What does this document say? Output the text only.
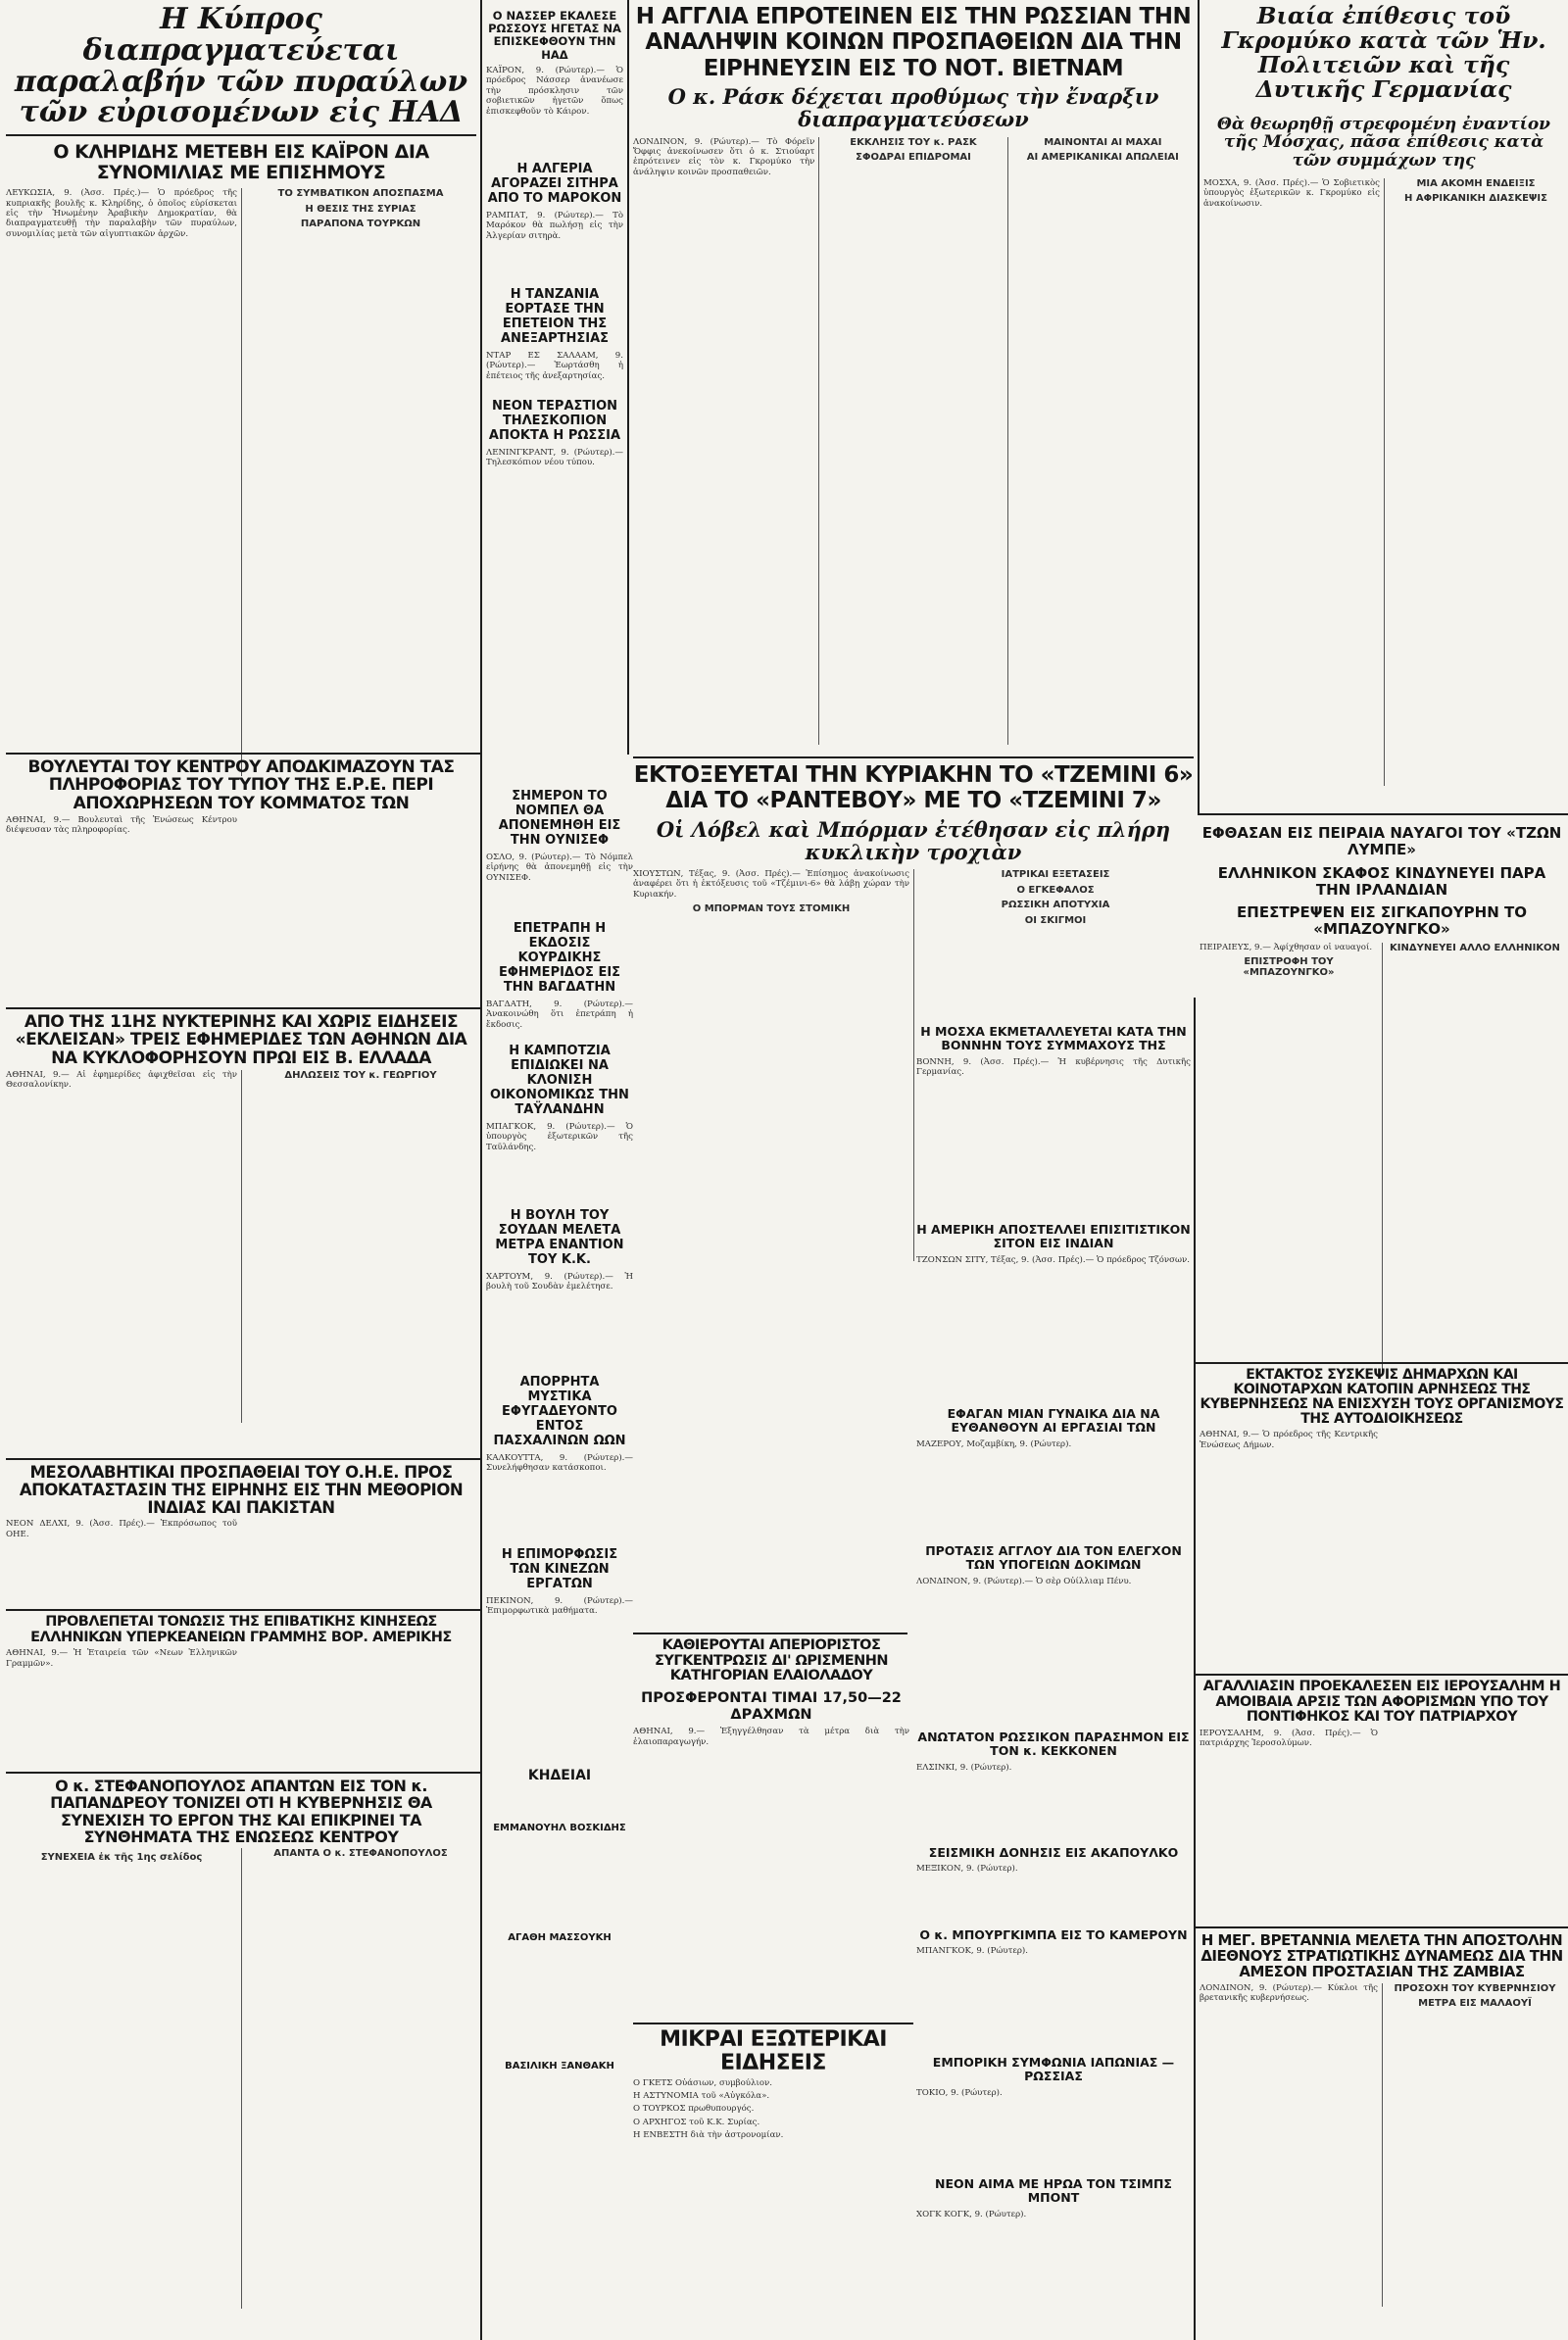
Η Κύπρος διαπραγματεύεται παραλαβήν τῶν πυραύλων τῶν εὐρισομένων εἰς ΗΑΔ
Ο ΚΛΗΡΙΔΗΣ ΜΕΤΕΒΗ ΕΙΣ ΚΑΪΡΟΝ ΔΙΑ ΣΥΝΟΜΙΛΙΑΣ ΜΕ ΕΠΙΣΗΜΟΥΣ

ΛΕΥΚΩΣΙΑ, 9. (Ἀσσ. Πρές.)— Ὁ πρόεδρος τῆς κυπριακῆς βουλῆς κ. Κληρίδης, ὁ ὁποῖος εὑρίσκεται εἰς τὴν Ἡνωμένην Ἀραβικὴν Δημοκρατίαν, θὰ διαπραγματευθῇ τὴν παραλαβὴν τῶν πυραύλων, συνομιλίας μετὰ τῶν αἰγυπτιακῶν ἀρχῶν.

ΤΟ ΣΥΜΒΑΤΙΚΟΝ ΑΠΟΣΠΑΣΜΑ
Η ΘΕΣΙΣ ΤΗΣ ΣΥΡΙΑΣ
ΠΑΡΑΠΟΝΑ ΤΟΥΡΚΩΝ
ΒΟΥΛΕΥΤΑΙ ΤΟΥ ΚΕΝΤΡΟΥ ΑΠΟΔΚΙΜΑΖΟΥΝ ΤΑΣ ΠΛΗΡΟΦΟΡΙΑΣ ΤΟΥ ΤΥΠΟΥ ΤΗΣ Ε.Ρ.Ε. ΠΕΡΙ ΑΠΟΧΩΡΗΣΕΩΝ ΤΟΥ ΚΟΜΜΑΤΟΣ ΤΩΝ

ΑΘΗΝΑΙ, 9.— Βουλευταὶ τῆς Ἑνώσεως Κέντρου διέψευσαν τὰς πληροφορίας.

ΑΠΟ ΤΗΣ 11ΗΣ ΝΥΚΤΕΡΙΝΗΣ ΚΑΙ ΧΩΡΙΣ ΕΙΔΗΣΕΙΣ «ΕΚΛΕΙΣΑΝ» ΤΡΕΙΣ ΕΦΗΜΕΡΙΔΕΣ ΤΩΝ ΑΘΗΝΩΝ ΔΙΑ ΝΑ ΚΥΚΛΟΦΟΡΗΣΟΥΝ ΠΡΩΙ ΕΙΣ Β. ΕΛΛΑΔΑ

ΑΘΗΝΑΙ, 9.— Αἱ ἐφημερίδες ἀφιχθεῖσαι εἰς τὴν Θεσσαλονίκην.

ΔΗΛΩΣΕΙΣ ΤΟΥ κ. ΓΕΩΡΓΙΟΥ
ΜΕΣΟΛΑΒΗΤΙΚΑΙ ΠΡΟΣΠΑΘΕΙΑΙ ΤΟΥ Ο.Η.Ε. ΠΡΟΣ ΑΠΟΚΑΤΑΣΤΑΣΙΝ ΤΗΣ ΕΙΡΗΝΗΣ ΕΙΣ ΤΗΝ ΜΕΘΟΡΙΟΝ ΙΝΔΙΑΣ ΚΑΙ ΠΑΚΙΣΤΑΝ

ΝΕΟΝ ΔΕΛΧΙ, 9. (Ἀσσ. Πρές).— Ἐκπρόσωπος τοῦ ΟΗΕ.

ΠΡΟΒΛΕΠΕΤΑΙ ΤΟΝΩΣΙΣ ΤΗΣ ΕΠΙΒΑΤΙΚΗΣ ΚΙΝΗΣΕΩΣ ΕΛΛΗΝΙΚΩΝ ΥΠΕΡΚΕΑΝΕΙΩΝ ΓΡΑΜΜΗΣ ΒΟΡ. ΑΜΕΡΙΚΗΣ

ΑΘΗΝΑΙ, 9.— Ἡ Ἑταιρεία τῶν «Νεων Ἑλληνικῶν Γραμμῶν».

Ο κ. ΣΤΕΦΑΝΟΠΟΥΛΟΣ ΑΠΑΝΤΩΝ ΕΙΣ ΤΟΝ κ. ΠΑΠΑΝΔΡΕΟΥ ΤΟΝΙΖΕΙ ΟΤΙ Η ΚΥΒΕΡΝΗΣΙΣ ΘΑ ΣΥΝΕΧΙΣΗ ΤΟ ΕΡΓΟΝ ΤΗΣ ΚΑΙ ΕΠΙΚΡΙΝΕΙ ΤΑ ΣΥΝΘΗΜΑΤΑ ΤΗΣ ΕΝΩΣΕΩΣ ΚΕΝΤΡΟΥ
ΣΥΝΕΧΕΙΑ ἐκ τῆς 1ης σελίδος	ΑΠΑΝΤΑ Ο κ. ΣΤΕΦΑΝΟΠΟΥΛΟΣ
Ο ΝΑΣΣΕΡ ΕΚΑΛΕΣΕ ΡΩΣΣΟΥΣ ΗΓΕΤΑΣ ΝΑ ΕΠΙΣΚΕΦΘΟΥΝ ΤΗΝ ΗΑΔ

ΚΑΪΡΟΝ, 9. (Ρώυτερ).— Ὁ πρόεδρος Νάσσερ ἀνανέωσε τὴν πρόσκλησιν τῶν σοβιετικῶν ἡγετῶν ὅπως ἐπισκεφθοῦν τὸ Κάιρον.

Η ΑΛΓΕΡΙΑ ΑΓΟΡΑΖΕΙ ΣΙΤΗΡΑ ΑΠΟ ΤΟ ΜΑΡΟΚΟΝ

ΡΑΜΠΑΤ, 9. (Ρώυτερ).— Τὸ Μαρόκον θὰ πωλήσῃ εἰς τὴν Ἀλγερίαν σιτηρὰ.

Η ΤΑΝΖΑΝΙΑ ΕΟΡΤΑΣΕ ΤΗΝ ΕΠΕΤΕΙΟΝ ΤΗΣ ΑΝΕΞΑΡΤΗΣΙΑΣ

ΝΤΑΡ ΕΣ ΣΑΛΑΑΜ, 9. (Ρώυτερ).— Ἑωρτάσθη ἡ ἐπέτειος τῆς ἀνεξαρτησίας.

ΝΕΟΝ ΤΕΡΑΣΤΙΟΝ ΤΗΛΕΣΚΟΠΙΟΝ ΑΠΟΚΤΑ Η ΡΩΣΣΙΑ

ΛΕΝΙΝΓΚΡΑΝΤ, 9. (Ρώυτερ).— Τηλεσκόπιον νέου τύπου.

ΣΗΜΕΡΟΝ ΤΟ ΝΟΜΠΕΛ ΘΑ ΑΠΟΝΕΜΗΘΗ ΕΙΣ ΤΗΝ ΟΥΝΙΣΕΦ

ΟΣΛΟ, 9. (Ρώυτερ).— Τὸ Νόμπελ εἰρήνης θὰ ἀπονεμηθῇ εἰς τὴν ΟΥΝΙΣΕΦ.

ΕΠΕΤΡΑΠΗ Η ΕΚΔΟΣΙΣ ΚΟΥΡΔΙΚΗΣ ΕΦΗΜΕΡΙΔΟΣ ΕΙΣ ΤΗΝ ΒΑΓΔΑΤΗΝ

ΒΑΓΔΑΤΗ, 9. (Ρώυτερ).— Ἀνακοινώθη ὅτι ἐπετράπη ἡ ἔκδοσις.

Η ΚΑΜΠΟΤΖΙΑ ΕΠΙΔΙΩΚΕΙ ΝΑ ΚΛΟΝΙΣΗ ΟΙΚΟΝΟΜΙΚΩΣ ΤΗΝ ΤΑΫΛΑΝΔΗΝ

ΜΠΑΓΚΟΚ, 9. (Ρώυτερ).— Ὁ ὑπουργὸς ἐξωτερικῶν τῆς Ταϋλάνδης.

Η ΒΟΥΛΗ ΤΟΥ ΣΟΥΔΑΝ ΜΕΛΕΤΑ ΜΕΤΡΑ ΕΝΑΝΤΙΟΝ ΤΟΥ Κ.Κ.

ΧΑΡΤΟΥΜ, 9. (Ρώυτερ).— Ἡ βουλὴ τοῦ Σουδὰν ἐμελέτησε.

ΑΠΟΡΡΗΤΑ ΜΥΣΤΙΚΑ ΕΦΥΓΑΔΕΥΟΝΤΟ ΕΝΤΟΣ ΠΑΣΧΑΛΙΝΩΝ ΩΩΝ

ΚΑΛΚΟΥΤΤΑ, 9. (Ρώυτερ).— Συνελήφθησαν κατάσκοποι.

Η ΕΠΙΜΟΡΦΩΣΙΣ ΤΩΝ ΚΙΝΕΖΩΝ ΕΡΓΑΤΩΝ

ΠΕΚΙΝΟΝ, 9. (Ρώυτερ).— Ἐπιμορφωτικὰ μαθήματα.

ΚΗΔΕΙΑΙ
ΕΜΜΑΝΟΥΗΛ ΒΟΣΚΙΔΗΣ
ΑΓΑΘΗ ΜΑΣΣΟΥΚΗ
ΒΑΣΙΛΙΚΗ ΞΑΝΘΑΚΗ
Η ΑΓΓΛΙΑ ΕΠΡΟΤΕΙΝΕΝ ΕΙΣ ΤΗΝ ΡΩΣΣΙΑΝ ΤΗΝ ΑΝΑΛΗΨΙΝ ΚΟΙΝΩΝ ΠΡΟΣΠΑΘΕΙΩΝ ΔΙΑ ΤΗΝ ΕΙΡΗΝΕΥΣΙΝ ΕΙΣ ΤΟ ΝΟΤ. ΒΙΕΤΝΑΜ
Ο κ. Ράσκ δέχεται προθύμως τὴν ἔναρξιν διαπραγματεύσεων

ΛΟΝΔΙΝΟΝ, 9. (Ρώυτερ).— Τὸ Φόρεϊν Ὄφφις ἀνεκοίνωσεν ὅτι ὁ κ. Στιούαρτ ἐπρότεινεν εἰς τὸν κ. Γκρομύκο τὴν ἀνάληψιν κοινῶν προσπαθειῶν.

ΕΚΚΛΗΣΙΣ ΤΟΥ κ. ΡΑΣΚ
ΣΦΟΔΡΑΙ ΕΠΙΔΡΟΜΑΙ
ΜΑΙΝΟΝΤΑΙ ΑΙ ΜΑΧΑΙ
ΑΙ ΑΜΕΡΙΚΑΝΙΚΑΙ ΑΠΩΛΕΙΑΙ
ΕΚΤΟΞΕΥΕΤΑΙ ΤΗΝ ΚΥΡΙΑΚΗΝ ΤΟ «ΤΖΕΜΙΝΙ 6» ΔΙΑ ΤΟ «ΡΑΝΤΕΒΟΥ» ΜΕ ΤΟ «ΤΖΕΜΙΝΙ 7»
Οἱ Λόβελ καὶ Μπόρμαν ἐτέθησαν εἰς πλήρη κυκλικὴν τροχιὰν

ΧΙΟΥΣΤΩΝ, Τέξας, 9. (Ἀσσ. Πρές).— Ἐπίσημος ἀνακοίνωσις ἀναφέρει ὅτι ἡ ἐκτόξευσις τοῦ «Τζέμινι-6» θὰ λάβῃ χώραν τὴν Κυριακήν.

Ο ΜΠΟΡΜΑΝ ΤΟΥΣ ΣΤΟΜΙΚΗ
ΙΑΤΡΙΚΑΙ ΕΞΕΤΑΣΕΙΣ
Ο ΕΓΚΕΦΑΛΟΣ
ΡΩΣΣΙΚΗ ΑΠΟΤΥΧΙΑ
ΟΙ ΣΚΙΓΜΟΙ
Η ΜΟΣΧΑ ΕΚΜΕΤΑΛΛΕΥΕΤΑΙ ΚΑΤΑ ΤΗΝ ΒΟΝΝΗΝ ΤΟΥΣ ΣΥΜΜΑΧΟΥΣ ΤΗΣ

ΒΟΝΝΗ, 9. (Ἀσσ. Πρές).— Ἡ κυβέρνησις τῆς Δυτικῆς Γερμανίας.

Η ΑΜΕΡΙΚΗ ΑΠΟΣΤΕΛΛΕΙ ΕΠΙΣΙΤΙΣΤΙΚΟΝ ΣΙΤΟΝ ΕΙΣ ΙΝΔΙΑΝ

ΤΖΟΝΣΩΝ ΣΙΤΥ, Τέξας, 9. (Ἀσσ. Πρές).— Ὁ πρόεδρος Τζόνσων.

ΕΦΑΓΑΝ ΜΙΑΝ ΓΥΝΑΙΚΑ ΔΙΑ ΝΑ ΕΥΘΑΝΘΟΥΝ ΑΙ ΕΡΓΑΣΙΑΙ ΤΩΝ

ΜΑΖΕΡΟΥ, Μοζαμβίκη, 9. (Ρώυτερ).

ΠΡΟΤΑΣΙΣ ΑΓΓΛΟΥ ΔΙΑ ΤΟΝ ΕΛΕΓΧΟΝ ΤΩΝ ΥΠΟΓΕΙΩΝ ΔΟΚΙΜΩΝ

ΛΟΝΔΙΝΟΝ, 9. (Ρώυτερ).— Ὁ σὲρ Οὐίλλιαμ Πένυ.

ΑΝΩΤΑΤΟΝ ΡΩΣΣΙΚΟΝ ΠΑΡΑΣΗΜΟΝ ΕΙΣ ΤΟΝ κ. ΚΕΚΚΟΝΕΝ

ΕΛΣΙΝΚΙ, 9. (Ρώυτερ).

ΣΕΙΣΜΙΚΗ ΔΟΝΗΣΙΣ ΕΙΣ ΑΚΑΠΟΥΛΚΟ

ΜΕΞΙΚΟΝ, 9. (Ρώυτερ).

Ο κ. ΜΠΟΥΡΓΚΙΜΠΑ ΕΙΣ ΤΟ ΚΑΜΕΡΟΥΝ

ΜΠΑΝΓΚΟΚ, 9. (Ρώυτερ).

ΕΜΠΟΡΙΚΗ ΣΥΜΦΩΝΙΑ ΙΑΠΩΝΙΑΣ — ΡΩΣΣΙΑΣ

ΤΟΚΙΟ, 9. (Ρώυτερ).

ΝΕΟΝ ΑΙΜΑ ΜΕ ΗΡΩΑ ΤΟΝ ΤΣΙΜΠΣ ΜΠΟΝΤ

ΧΟΓΚ ΚΟΓΚ, 9. (Ρώυτερ).

ΚΑΘΙΕΡΟΥΤΑΙ ΑΠΕΡΙΟΡΙΣΤΟΣ ΣΥΓΚΕΝΤΡΩΣΙΣ ΔΙ' ΩΡΙΣΜΕΝΗΝ ΚΑΤΗΓΟΡΙΑΝ ΕΛΑΙΟΛΑΔΟΥ
ΠΡΟΣΦΕΡΟΝΤΑΙ ΤΙΜΑΙ 17,50—22 ΔΡΑΧΜΩΝ

ΑΘΗΝΑΙ, 9.— Ἐξηγγέλθησαν τὰ μέτρα διὰ τὴν ἐλαιοπαραγωγήν.

ΜΙΚΡΑΙ ΕΞΩΤΕΡΙΚΑΙ ΕΙΔΗΣΕΙΣ

Ο ΓΚΕΤΣ Οὐάσιων, συμβούλιον.

Η ΑΣΤΥΝΟΜΙΑ τοῦ «Αὐγκόλα».

Ο ΤΟΥΡΚΟΣ πρωθυπουργός.

Ο ΑΡΧΗΓΟΣ τοῦ Κ.Κ. Συρίας.

Η ΕΝΒΕΣΤΗ διὰ τὴν ἀστρονομίαν.

Βιαία ἐπίθεσις τοῦ Γκρομύκο κατὰ τῶν Ἡν. Πολιτειῶν καὶ τῆς Δυτικῆς Γερμανίας
Θὰ θεωρηθῇ στρεφομένη ἐναντίον τῆς Μόσχας, πᾶσα ἐπίθεσις κατὰ τῶν συμμάχων της

ΜΟΣΧΑ, 9. (Ἀσσ. Πρές).— Ὁ Σοβιετικὸς ὑπουργὸς ἐξωτερικῶν κ. Γκρομύκο εἰς ἀνακοίνωσιν.

ΜΙΑ ΑΚΟΜΗ ΕΝΔΕΙΞΙΣ
Η ΑΦΡΙΚΑΝΙΚΗ ΔΙΑΣΚΕΨΙΣ
ΕΦΘΑΣΑΝ ΕΙΣ ΠΕΙΡΑΙΑ ΝΑΥΑΓΟΙ ΤΟΥ «ΤΖΩΝ ΛΥΜΠΕ»
ΕΛΛΗΝΙΚΟΝ ΣΚΑΦΟΣ ΚΙΝΔΥΝΕΥΕΙ ΠΑΡΑ ΤΗΝ ΙΡΛΑΝΔΙΑΝ
ΕΠΕΣΤΡΕΨΕΝ ΕΙΣ ΣΙΓΚΑΠΟΥΡΗΝ ΤΟ «ΜΠΑΖΟΥΝΓΚΟ»

ΠΕΙΡΑΙΕΥΣ, 9.— Ἀφίχθησαν οἱ ναυαγοί.

ΕΠΙΣΤΡΟΦΗ ΤΟΥ «ΜΠΑΖΟΥΝΓΚΟ»
ΚΙΝΔΥΝΕΥΕΙ ΑΛΛΟ ΕΛΛΗΝΙΚΟΝ
ΕΚΤΑΚΤΟΣ ΣΥΣΚΕΨΙΣ ΔΗΜΑΡΧΩΝ ΚΑΙ ΚΟΙΝΟΤΑΡΧΩΝ ΚΑΤΟΠΙΝ ΑΡΝΗΣΕΩΣ ΤΗΣ ΚΥΒΕΡΝΗΣΕΩΣ ΝΑ ΕΝΙΣΧΥΣΗ ΤΟΥΣ ΟΡΓΑΝΙΣΜΟΥΣ ΤΗΣ ΑΥΤΟΔΙΟΙΚΗΣΕΩΣ

ΑΘΗΝΑΙ, 9.— Ὁ πρόεδρος τῆς Κεντρικῆς Ἑνώσεως Δήμων.

ΑΓΑΛΛΙΑΣΙΝ ΠΡΟΕΚΑΛΕΣΕΝ ΕΙΣ ΙΕΡΟΥΣΑΛΗΜ Η ΑΜΟΙΒΑΙΑ ΑΡΣΙΣ ΤΩΝ ΑΦΟΡΙΣΜΩΝ ΥΠΟ ΤΟΥ ΠΟΝΤΙΦΗΚΟΣ ΚΑΙ ΤΟΥ ΠΑΤΡΙΑΡΧΟΥ

ΙΕΡΟΥΣΑΛΗΜ, 9. (Ἀσσ. Πρές).— Ὁ πατριάρχης Ἱεροσολύμων.

Η ΜΕΓ. ΒΡΕΤΑΝΝΙΑ ΜΕΛΕΤΑ ΤΗΝ ΑΠΟΣΤΟΛΗΝ ΔΙΕΘΝΟΥΣ ΣΤΡΑΤΙΩΤΙΚΗΣ ΔΥΝΑΜΕΩΣ ΔΙΑ ΤΗΝ ΑΜΕΣΟΝ ΠΡΟΣΤΑΣΙΑΝ ΤΗΣ ΖΑΜΒΙΑΣ

ΛΟΝΔΙΝΟΝ, 9. (Ρώυτερ).— Κύκλοι τῆς βρετανικῆς κυβερνήσεως.

ΠΡΟΣΟΧΗ ΤΟΥ ΚΥΒΕΡΝΗΣΙΟΥ
ΜΕΤΡΑ ΕΙΣ ΜΑΛΑΟΥΪ
